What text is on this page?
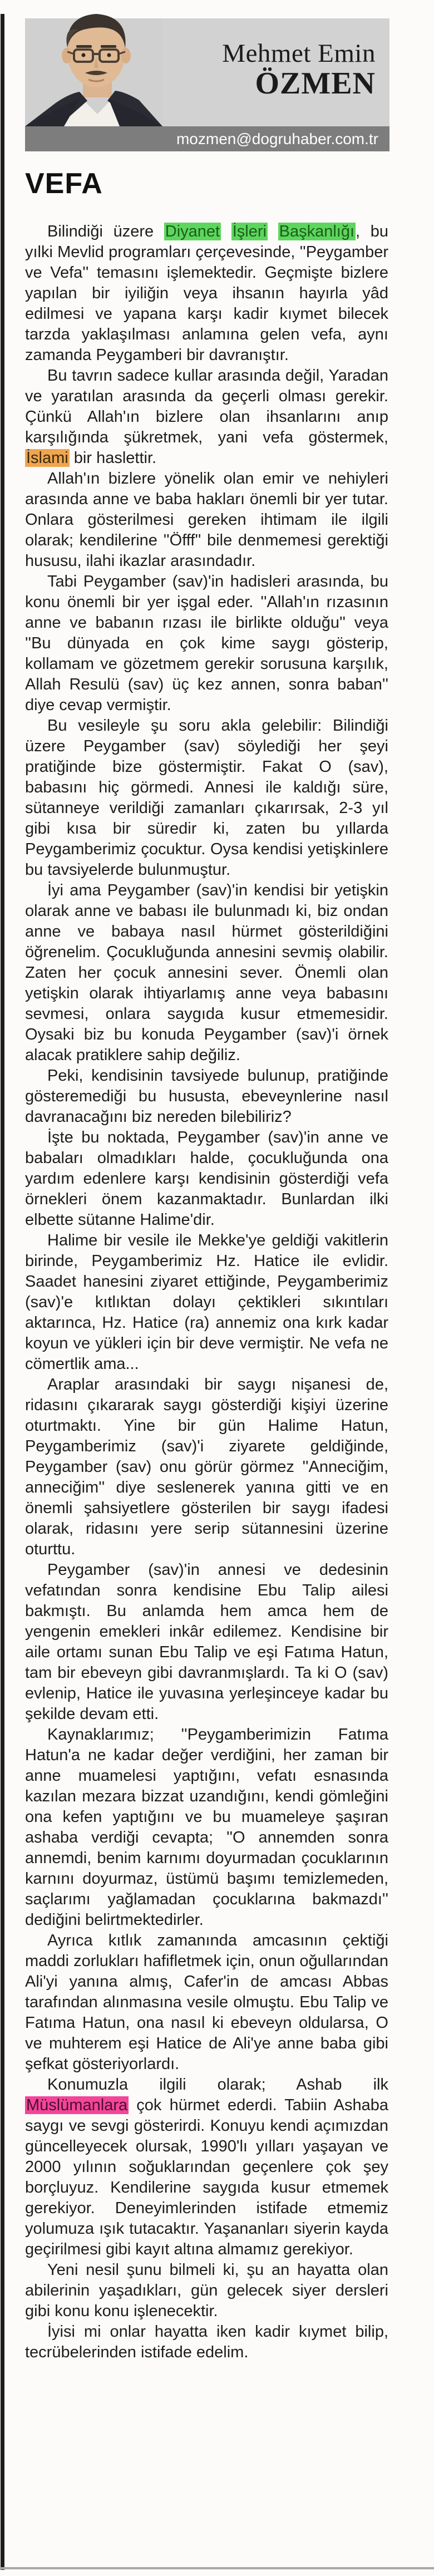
Mehmet Emin
ÖZMEN
mozmen@dogruhaber.com.tr
VEFA

Bilindiği üzere Diyanet İşleri Başkanlığı, bu yılki Mevlid programları çerçevesinde, ''Peygamber ve Vefa'' temasını işlemektedir. Geçmişte bizlere yapılan bir iyiliğin veya ihsanın hayırla yâd edilmesi ve yapana karşı kadir kıymet bilecek tarzda yaklaşılması anlamına gelen vefa, aynı zamanda Peygamberi bir davranıştır.

Bu tavrın sadece kullar arasında değil, Yaradan ve yaratılan arasında da geçerli olması gerekir. Çünkü Allah'ın bizlere olan ihsanlarını anıp karşılığında şükretmek, yani vefa göstermek, İslami bir haslettir.

Allah'ın bizlere yönelik olan emir ve nehiyleri arasında anne ve baba hakları önemli bir yer tutar. Onlara gösterilmesi gereken ihtimam ile ilgili olarak; kendilerine ''Öfff'' bile denmemesi gerektiği hususu, ilahi ikazlar arasındadır.

Tabi Peygamber (sav)'in hadisleri arasında, bu konu önemli bir yer işgal eder. ''Allah'ın rızasının anne ve babanın rızası ile birlikte olduğu'' veya ''Bu dünyada en çok kime saygı gösterip, kollamam ve gözetmem gerekir sorusuna karşılık, Allah Resulü (sav) üç kez annen, sonra baban'' diye cevap vermiştir.

Bu vesileyle şu soru akla gelebilir: Bilindiği üzere Peygamber (sav) söylediği her şeyi pratiğinde bize göstermiştir. Fakat O (sav), babasını hiç görmedi. Annesi ile kaldığı süre, sütanneye verildiği zamanları çıkarırsak, 2-3 yıl gibi kısa bir süredir ki, zaten bu yıllarda Peygamberimiz çocuktur. Oysa kendisi yetişkinlere bu tavsiyelerde bulunmuştur.

İyi ama Peygamber (sav)'in kendisi bir yetişkin olarak anne ve babası ile bulunmadı ki, biz ondan anne ve babaya nasıl hürmet gösterildiğini öğrenelim. Çocukluğunda annesini sevmiş olabilir. Zaten her çocuk annesini sever. Önemli olan yetişkin olarak ihtiyarlamış anne veya babasını sevmesi, onlara saygıda kusur etmemesidir. Oysaki biz bu konuda Peygamber (sav)'i örnek alacak pratiklere sahip değiliz.

Peki, kendisinin tavsiyede bulunup, pratiğinde gösteremediği bu hususta, ebeveynlerine nasıl davranacağını biz nereden bilebiliriz?

İşte bu noktada, Peygamber (sav)'in anne ve babaları olmadıkları halde, çocukluğunda ona yardım edenlere karşı kendisinin gösterdiği vefa örnekleri önem kazanmaktadır. Bunlardan ilki elbette sütanne Halime'dir.

Halime bir vesile ile Mekke'ye geldiği vakitlerin birinde, Peygamberimiz Hz. Hatice ile evlidir. Saadet hanesini ziyaret ettiğinde, Peygamberimiz (sav)'e kıtlıktan dolayı çektikleri sıkıntıları aktarınca, Hz. Hatice (ra) annemiz ona kırk kadar koyun ve yükleri için bir deve vermiştir. Ne vefa ne cömertlik ama...

Araplar arasındaki bir saygı nişanesi de, ridasını çıkararak saygı gösterdiği kişiyi üzerine oturtmaktı. Yine bir gün Halime Hatun, Peygamberimiz (sav)'i ziyarete geldiğinde, Peygamber (sav) onu görür görmez ''Anneciğim, anneciğim'' diye seslenerek yanına gitti ve en önemli şahsiyetlere gösterilen bir saygı ifadesi olarak, ridasını yere serip sütannesini üzerine oturttu.

Peygamber (sav)'in annesi ve dedesinin vefatından sonra kendisine Ebu Talip ailesi bakmıştı. Bu anlamda hem amca hem de yengenin emekleri inkâr edilemez. Kendisine bir aile ortamı sunan Ebu Talip ve eşi Fatıma Hatun, tam bir ebeveyn gibi davranmışlardı. Ta ki O (sav) evlenip, Hatice ile yuvasına yerleşinceye kadar bu şekilde devam etti.

Kaynaklarımız; ''Peygamberimizin Fatıma Hatun'a ne kadar değer verdiğini, her zaman bir anne muamelesi yaptığını, vefatı esnasında kazılan mezara bizzat uzandığını, kendi gömleğini ona kefen yaptığını ve bu muameleye şaşıran ashaba verdiği cevapta; ''O annemden sonra annemdi, benim karnımı doyurmadan çocuklarının karnını doyurmaz, üstümü başımı temizlemeden, saçlarımı yağlamadan çocuklarına bakmazdı'' dediğini belirtmektedirler.

Ayrıca kıtlık zamanında amcasının çektiği maddi zorlukları hafifletmek için, onun oğullarından Ali'yi yanına almış, Cafer'in de amcası Abbas tarafından alınmasına vesile olmuştu. Ebu Talip ve Fatıma Hatun, ona nasıl ki ebeveyn oldularsa, O ve muhterem eşi Hatice de Ali'ye anne baba gibi şefkat gösteriyorlardı.

Konumuzla ilgili olarak; Ashab ilk Müslümanlara çok hürmet ederdi. Tabiin Ashaba saygı ve sevgi gösterirdi. Konuyu kendi açımızdan güncelleyecek olursak, 1990'lı yılları yaşayan ve 2000 yılının soğuklarından geçenlere çok şey borçluyuz. Kendilerine saygıda kusur etmemek gerekiyor. Deneyimlerinden istifade etmemiz yolumuza ışık tutacaktır. Yaşananları siyerin kayda geçirilmesi gibi kayıt altına almamız gerekiyor.

Yeni nesil şunu bilmeli ki, şu an hayatta olan abilerinin yaşadıkları, gün gelecek siyer dersleri gibi konu konu işlenecektir.

İyisi mi onlar hayatta iken kadir kıymet bilip, tecrübelerinden istifade edelim.
